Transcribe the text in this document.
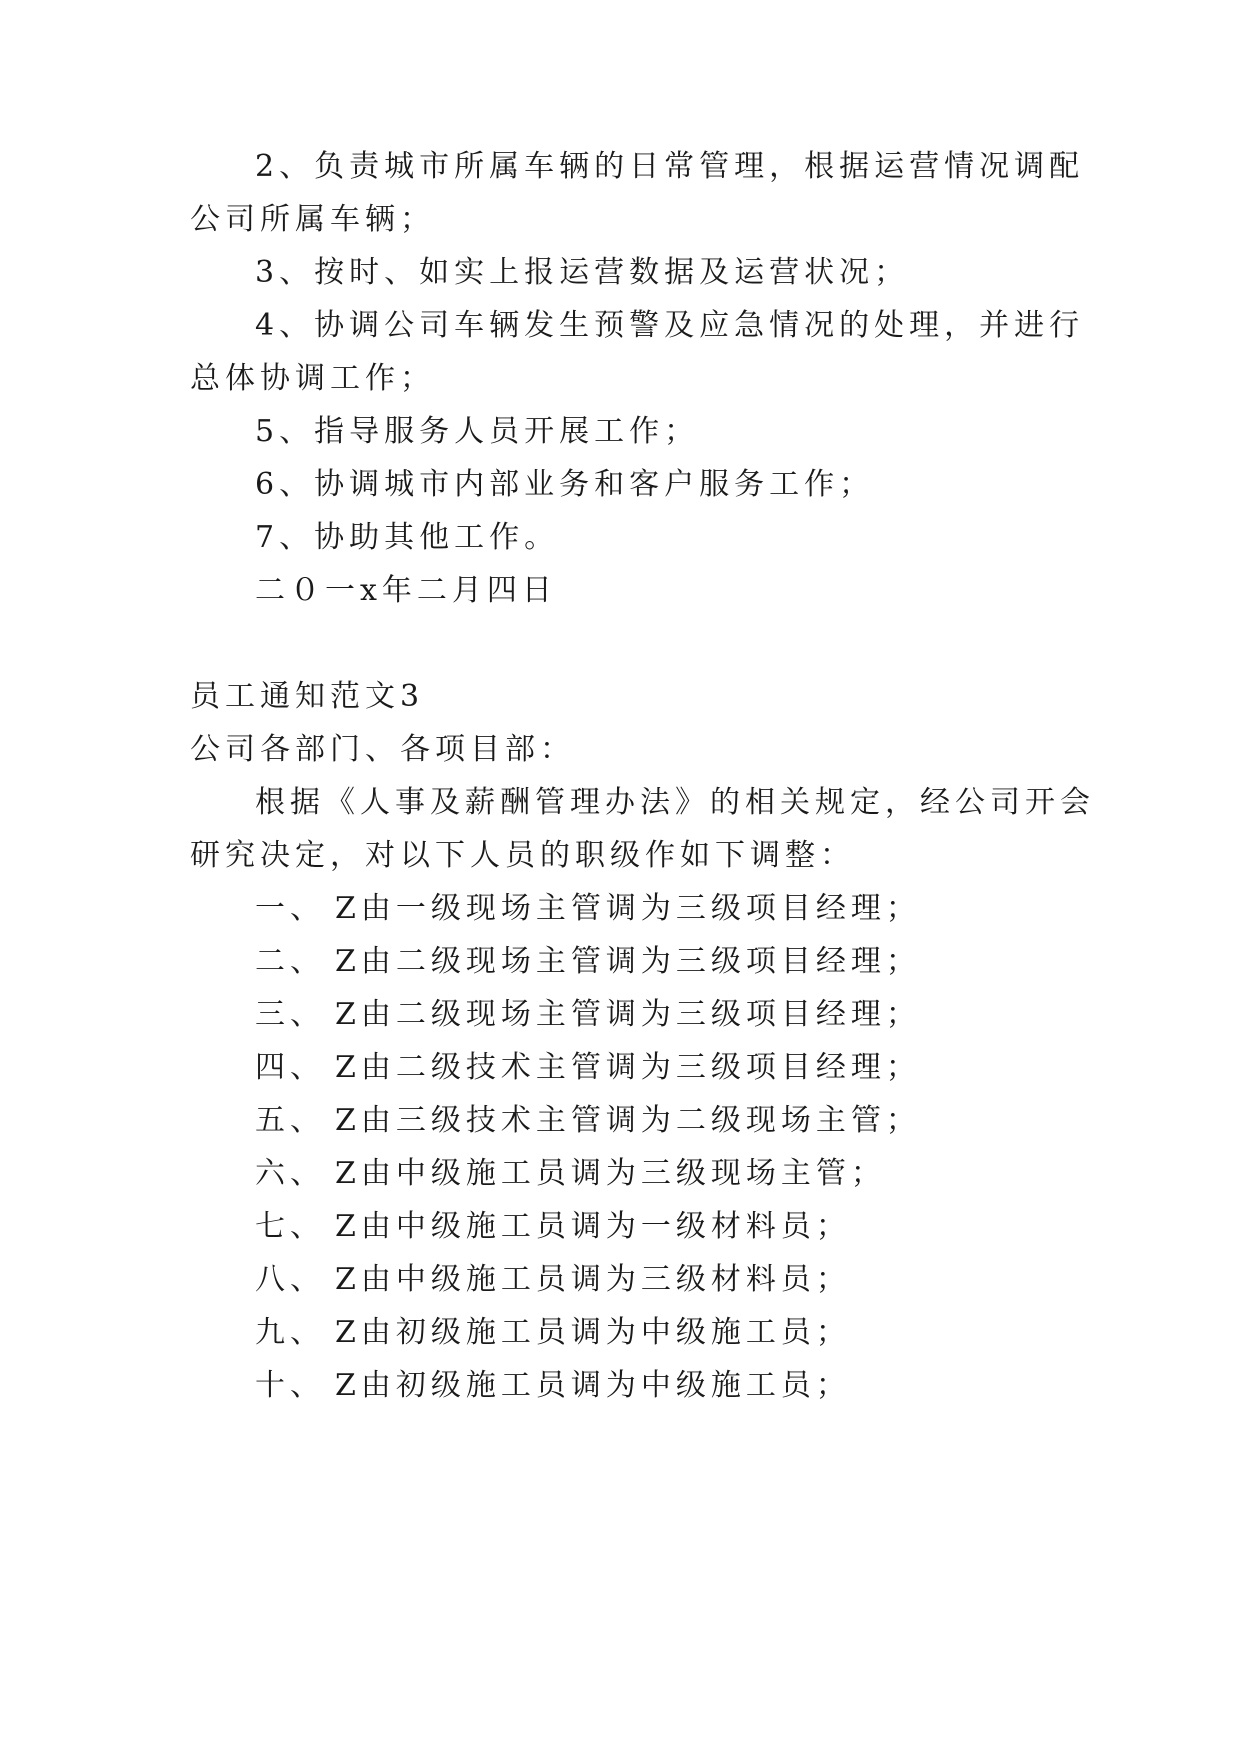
2、负责城市所属车辆的日常管理，根据运营情况调配
公司所属车辆；
3、按时、如实上报运营数据及运营状况；
4、协调公司车辆发生预警及应急情况的处理，并进行
总体协调工作；
5、指导服务人员开展工作；
6、协调城市内部业务和客户服务工作；
7、协助其他工作。
二０一x年二月四日
员工通知范文3
公司各部门、各项目部：
根据《人事及薪酬管理办法》的相关规定，经公司开会
研究决定，对以下人员的职级作如下调整：
一、 Z由一级现场主管调为三级项目经理；
二、 Z由二级现场主管调为三级项目经理；
三、 Z由二级现场主管调为三级项目经理；
四、 Z由二级技术主管调为三级项目经理；
五、 Z由三级技术主管调为二级现场主管；
六、 Z由中级施工员调为三级现场主管；
七、 Z由中级施工员调为一级材料员；
八、 Z由中级施工员调为三级材料员；
九、 Z由初级施工员调为中级施工员；
十、 Z由初级施工员调为中级施工员；
